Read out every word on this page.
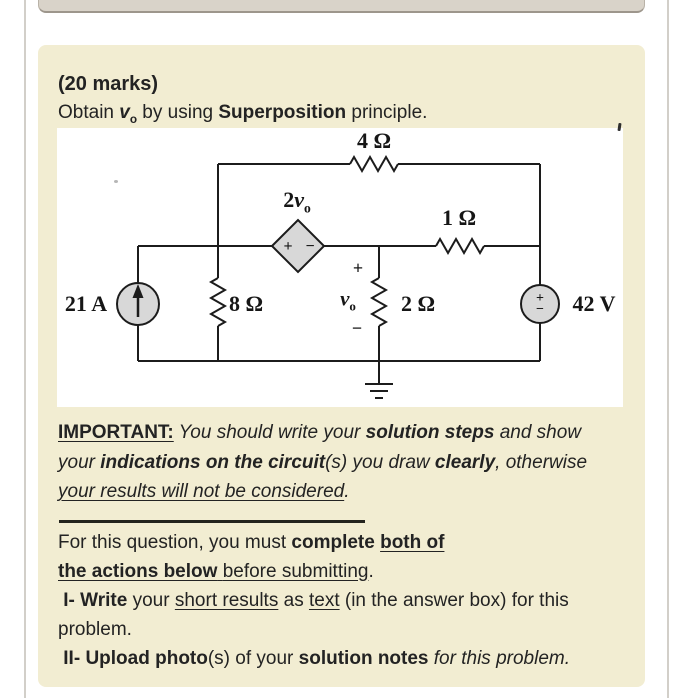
(20 marks)
Obtain $v_o$ by using Superposition principle.
4 Ω
$2v_o$
+ −
1 Ω
21 A	8 Ω
+
$v_o$
−
2 Ω	42 V
+
−
IMPORTANT: You should write your solution steps and show
your indications on the circuit(s) you draw clearly, otherwise
your results will not be considered.
For this question, you must complete both of
the actions below before submitting.
I- Write your short results as text (in the answer box) for this
problem.
II- Upload photo(s) of your solution notes for this problem.
